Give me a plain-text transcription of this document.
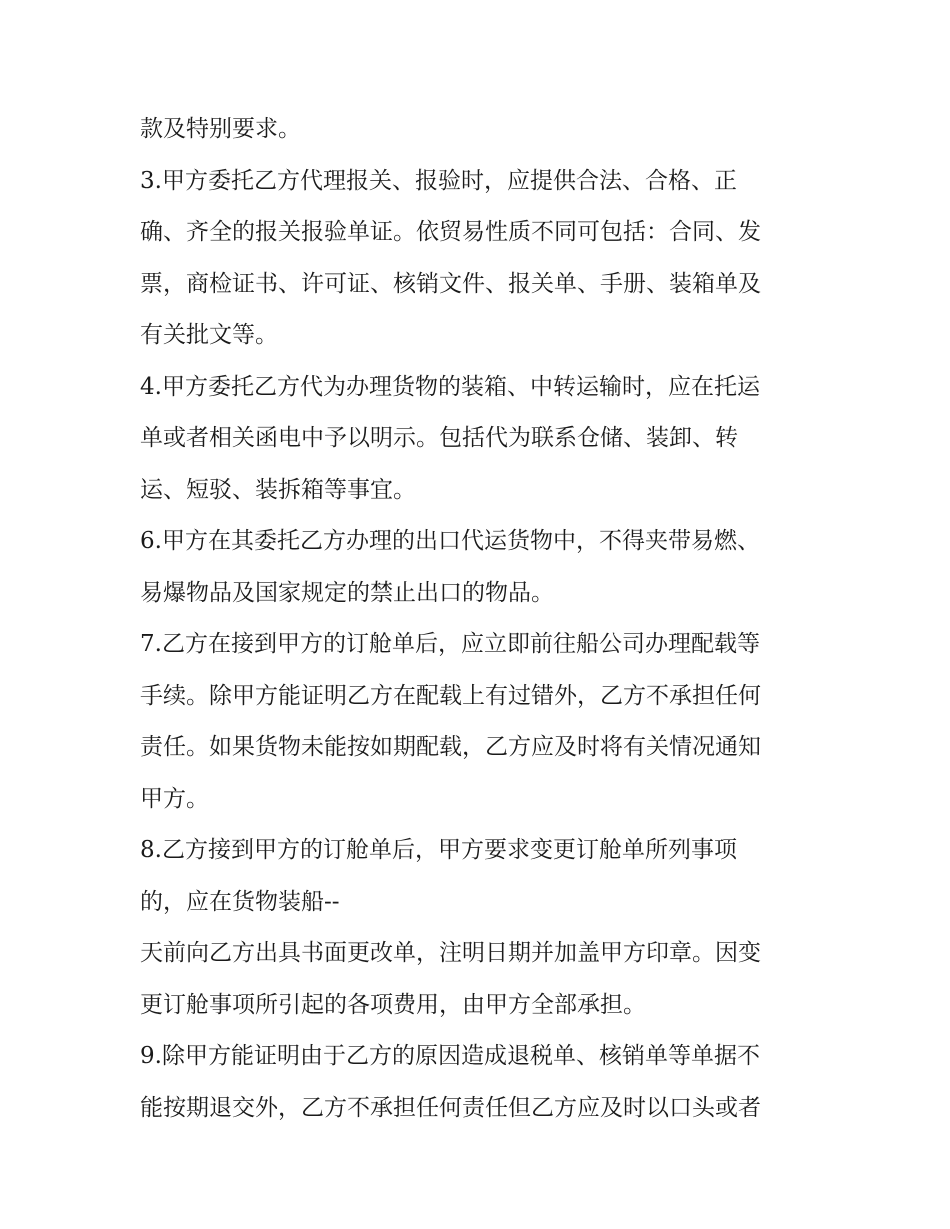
款及特别要求。
3.甲方委托乙方代理报关、报验时，应提供合法、合格、正
确、齐全的报关报验单证。依贸易性质不同可包括：合同、发
票，商检证书、许可证、核销文件、报关单、手册、装箱单及
有关批文等。
4.甲方委托乙方代为办理货物的装箱、中转运输时，应在托运
单或者相关函电中予以明示。包括代为联系仓储、装卸、转
运、短驳、装拆箱等事宜。
6.甲方在其委托乙方办理的出口代运货物中，不得夹带易燃、
易爆物品及国家规定的禁止出口的物品。
7.乙方在接到甲方的订舱单后，应立即前往船公司办理配载等
手续。除甲方能证明乙方在配载上有过错外，乙方不承担任何
责任。如果货物未能按如期配载，乙方应及时将有关情况通知
甲方。
8.乙方接到甲方的订舱单后，甲方要求变更订舱单所列事项
的，应在货物装船--
天前向乙方出具书面更改单，注明日期并加盖甲方印章。因变
更订舱事项所引起的各项费用，由甲方全部承担。
9.除甲方能证明由于乙方的原因造成退税单、核销单等单据不
能按期退交外，乙方不承担任何责任但乙方应及时以口头或者
